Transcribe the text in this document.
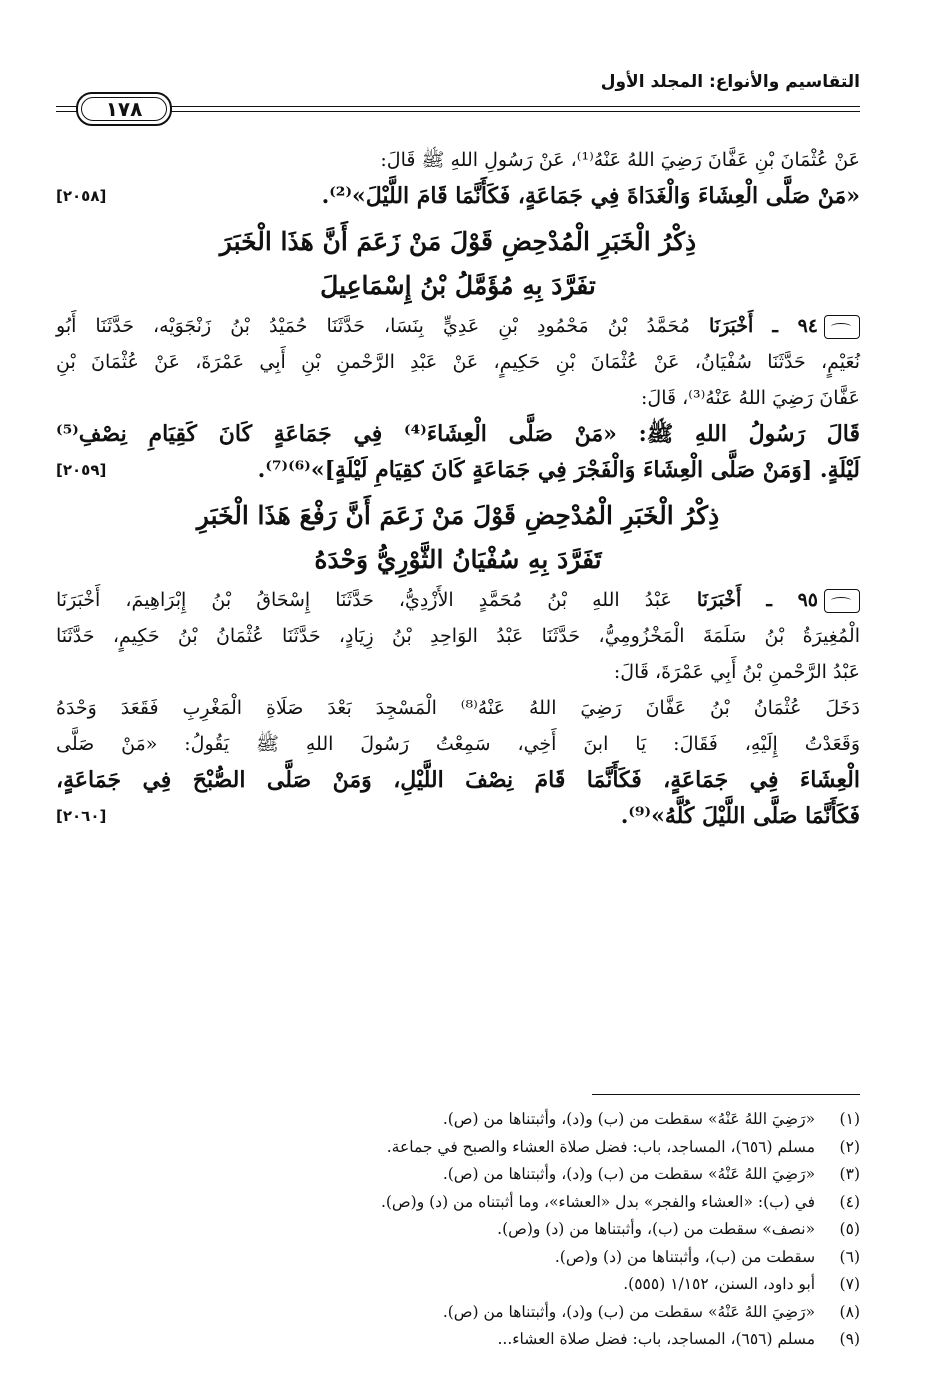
التقاسيم والأنواع: المجلد الأول
١٧٨
عَنْ عُثْمَانَ بْنِ عَفَّانَ رَضِيَ اللهُ عَنْهُ⁽¹⁾، عَنْ رَسُولِ اللهِ ﷺ قَالَ:
«مَنْ صَلَّى الْعِشَاءَ وَالْغَدَاةَ فِي جَمَاعَةٍ، فَكَأَنَّمَا قَامَ اللَّيْلَ»⁽²⁾.
[٢٠٥٨]
ذِكْرُ الْخَبَرِ الْمُدْحِضِ قَوْلَ مَنْ زَعَمَ أَنَّ هَذَا الْخَبَرَ
تفَرَّدَ بِهِ مُؤَمَّلُ بْنُ إِسْمَاعِيلَ
٩٤ ـ أَخْبَرَنَا مُحَمَّدُ بْنُ مَحْمُودِ بْنِ عَدِيٍّ بِنَسَا، حَدَّثَنَا حُمَيْدُ بْنُ زَنْجَوَيْه، حَدَّثَنَا أَبُو
نُعَيْمٍ، حَدَّثَنَا سُفْيَانُ، عَنْ عُثْمَانَ بْنِ حَكِيمٍ، عَنْ عَبْدِ الرَّحْمنِ بْنِ أَبِي عَمْرَةَ، عَنْ عُثْمَانَ بْنِ
عَفَّانَ رَضِيَ اللهُ عَنْهُ⁽³⁾، قَالَ:
قَالَ رَسُولُ اللهِ ﷺ: «مَنْ صَلَّى الْعِشَاءَ⁽⁴⁾ فِي جَمَاعَةٍ كَانَ كَقِيَامِ نِصْفِ⁽⁵⁾
لَيْلَةٍ. [وَمَنْ صَلَّى الْعِشَاءَ وَالْفَجْرَ فِي جَمَاعَةٍ كَانَ كقِيَامِ لَيْلَةٍ]»⁽⁶⁾⁽⁷⁾.
[٢٠٥٩]
ذِكْرُ الْخَبَرِ الْمُدْحِضِ قَوْلَ مَنْ زَعَمَ أَنَّ رَفْعَ هَذَا الْخَبَرِ
تَفَرَّدَ بِهِ سُفْيَانُ الثَّوْرِيُّ وَحْدَهُ
٩٥ ـ أَخْبَرَنَا عَبْدُ اللهِ بْنُ مُحَمَّدٍ الأَزْدِيُّ، حَدَّثَنَا إِسْحَاقُ بْنُ إِبْرَاهِيمَ، أَخْبَرَنَا
الْمُغِيرَةُ بْنُ سَلَمَةَ الْمَخْزُومِيُّ، حَدَّثَنَا عَبْدُ الوَاحِدِ بْنُ زِيَادٍ، حَدَّثَنَا عُثْمَانُ بْنُ حَكِيمٍ، حَدَّثَنَا
عَبْدُ الرَّحْمنِ بْنُ أَبِي عَمْرَةَ، قَالَ:
دَخَلَ عُثْمَانُ بْنُ عَفَّانَ رَضِيَ اللهُ عَنْهُ⁽⁸⁾ الْمَسْجِدَ بَعْدَ صَلَاةِ الْمَغْرِبِ فَقَعَدَ وَحْدَهُ
وَقَعَدْتُ إِلَيْهِ، فَقَالَ: يَا ابنَ أَخِي، سَمِعْتُ رَسُولَ اللهِ ﷺ يَقُولُ: «مَنْ صَلَّى
الْعِشَاءَ فِي جَمَاعَةٍ، فَكَأَنَّمَا قَامَ نِصْفَ اللَّيْلِ، وَمَنْ صَلَّى الصُّبْحَ فِي جَمَاعَةٍ،
فَكَأَنَّمَا صَلَّى اللَّيْلَ كُلَّهُ»⁽⁹⁾.
[٢٠٦٠]
(١) «رَضِيَ اللهُ عَنْهُ» سقطت من (ب) و(د)، وأثبتناها من (ص).
(٢) مسلم (٦٥٦)، المساجد، باب: فضل صلاة العشاء والصبح في جماعة.
(٣) «رَضِيَ اللهُ عَنْهُ» سقطت من (ب) و(د)، وأثبتناها من (ص).
(٤) في (ب): «العشاء والفجر» بدل «العشاء»، وما أثبتناه من (د) و(ص).
(٥) «نصف» سقطت من (ب)، وأثبتناها من (د) و(ص).
(٦) سقطت من (ب)، وأثبتناها من (د) و(ص).
(٧) أبو داود، السنن، ١/١٥٢ (٥٥٥).
(٨) «رَضِيَ اللهُ عَنْهُ» سقطت من (ب) و(د)، وأثبتناها من (ص).
(٩) مسلم (٦٥٦)، المساجد، باب: فضل صلاة العشاء...
